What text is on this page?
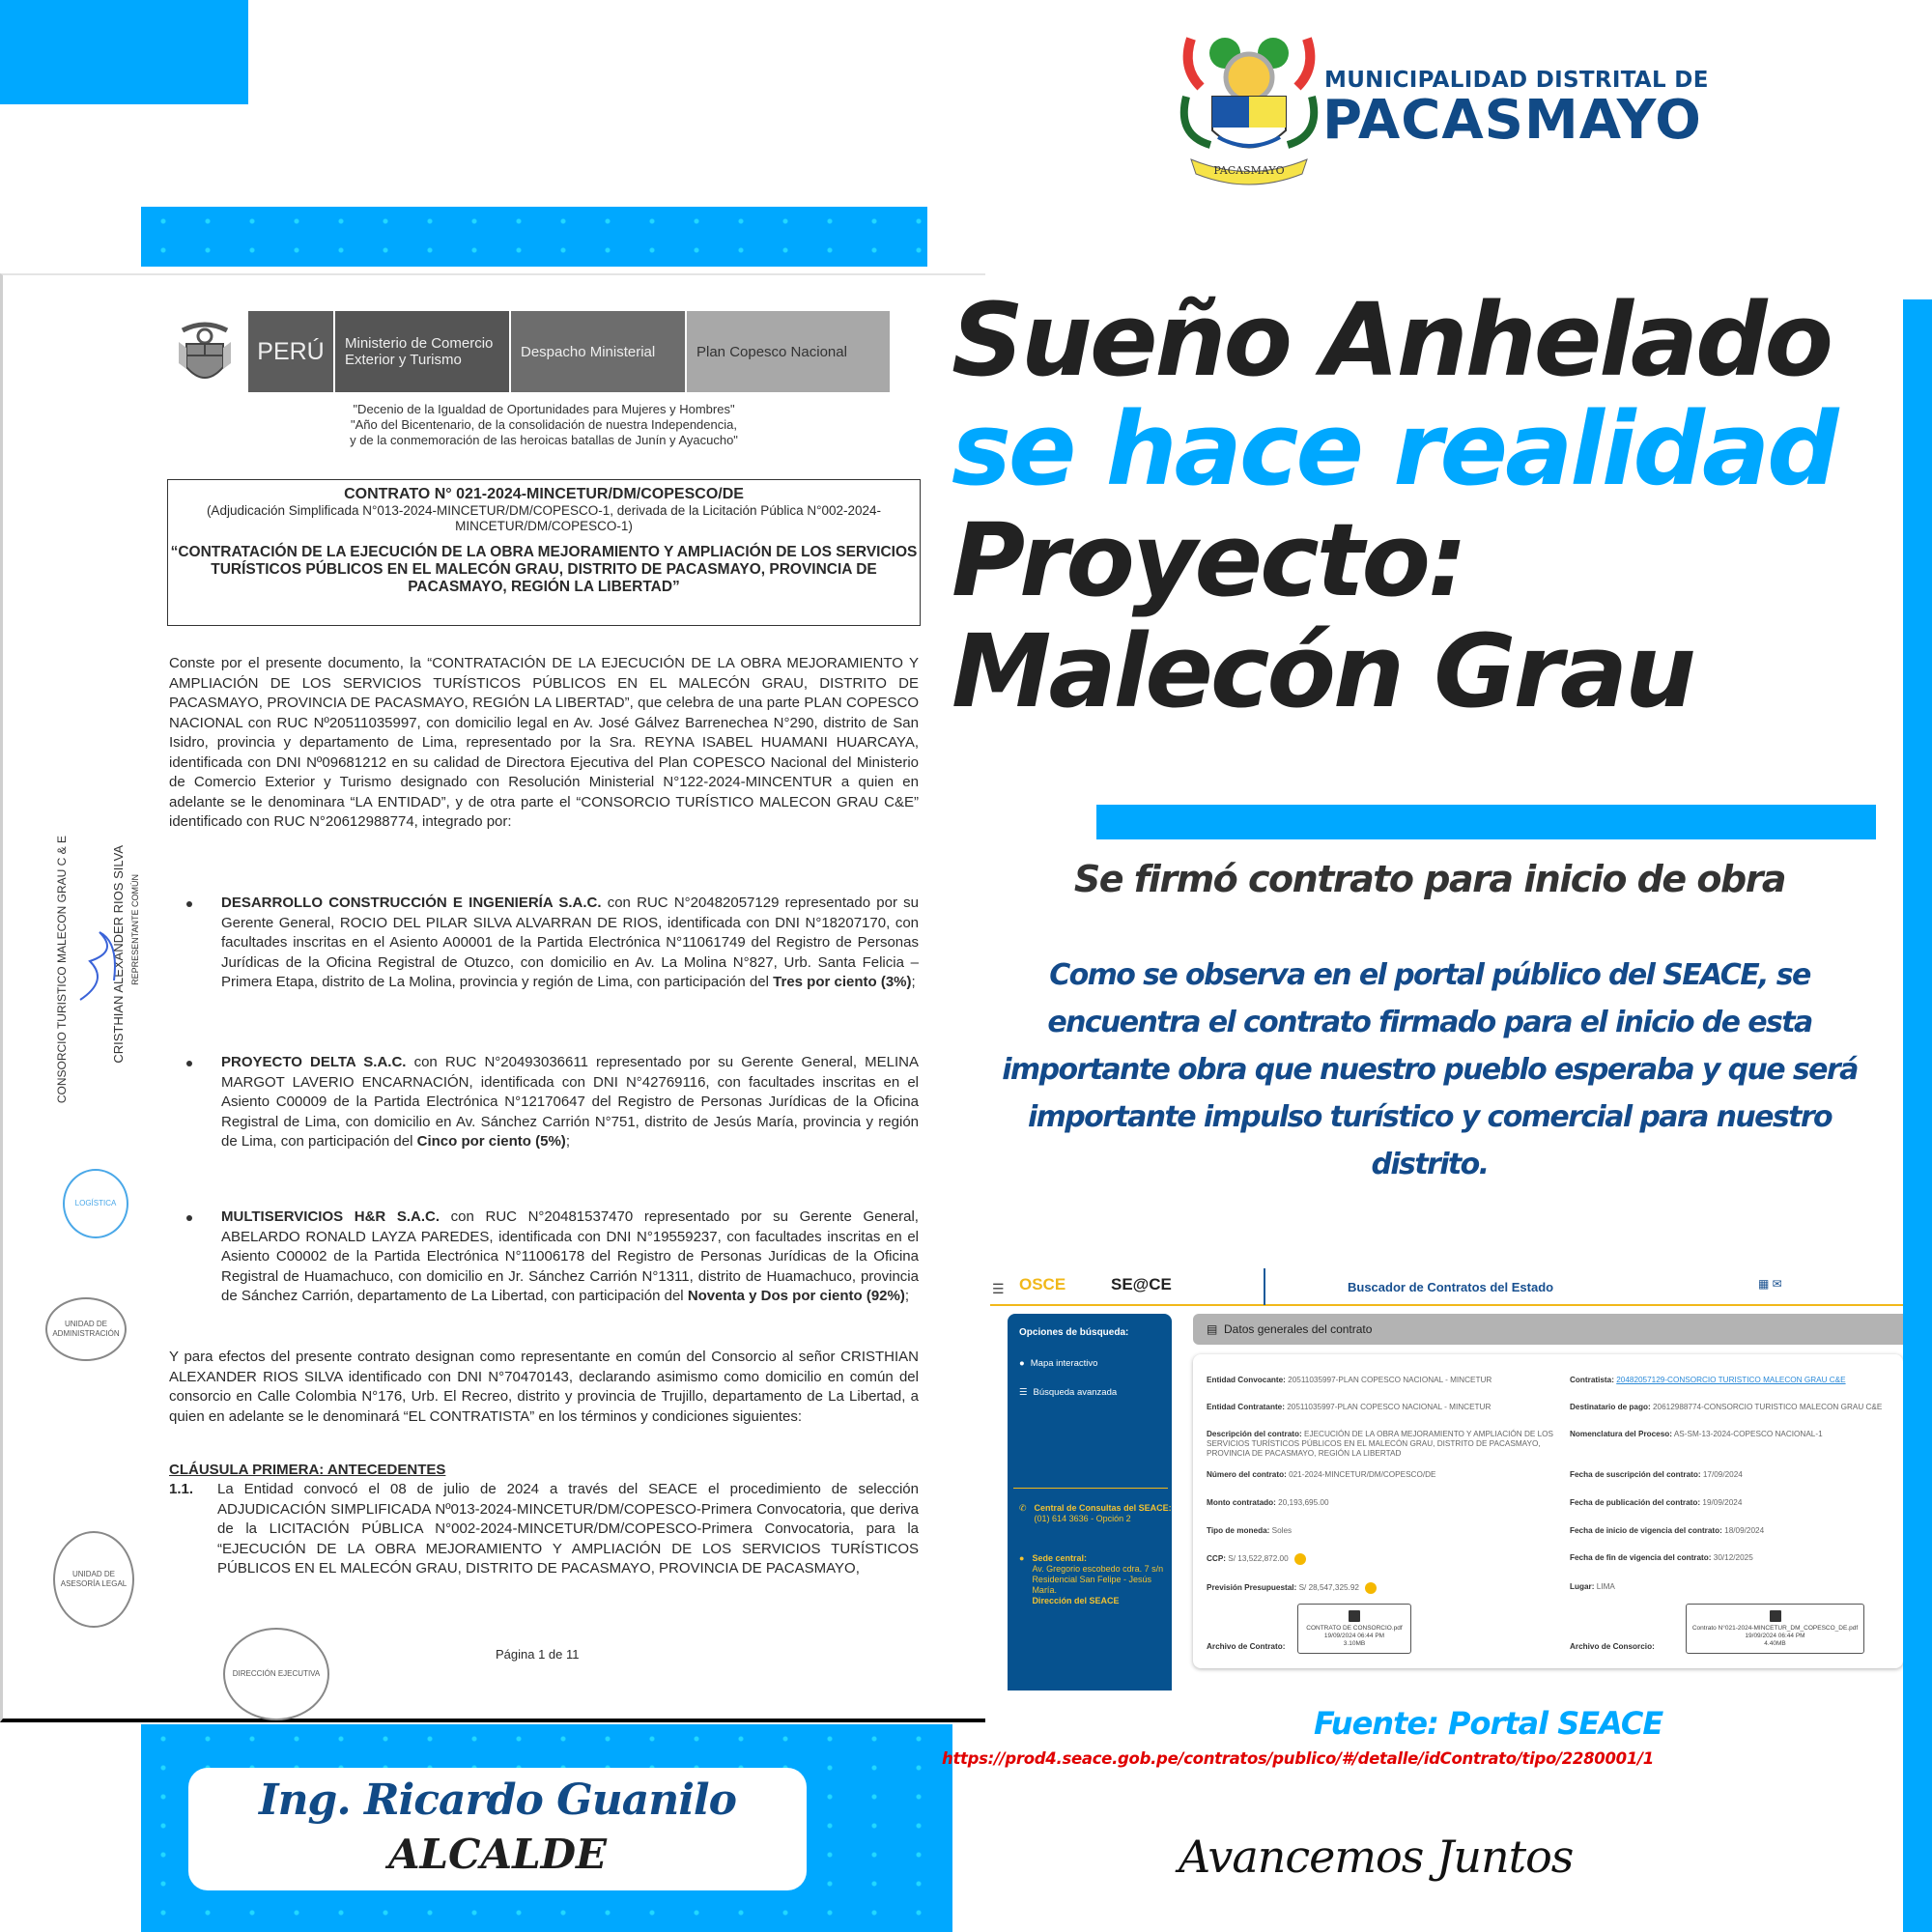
PERÚ	Ministerio de Comercio Exterior y Turismo	Despacho Ministerial	Plan Copesco Nacional
"Decenio de la Igualdad de Oportunidades para Mujeres y Hombres"
"Año del Bicentenario, de la consolidación de nuestra Independencia,
y de la conmemoración de las heroicas batallas de Junín y Ayacucho"
CONTRATO N° 021-2024-MINCETUR/DM/COPESCO/DE
(Adjudicación Simplificada N°013-2024-MINCETUR/DM/COPESCO-1, derivada de la Licitación Pública N°002-2024-MINCETUR/DM/COPESCO-1)
“CONTRATACIÓN DE LA EJECUCIÓN DE LA OBRA MEJORAMIENTO Y AMPLIACIÓN DE LOS SERVICIOS TURÍSTICOS PÚBLICOS EN EL MALECÓN GRAU, DISTRITO DE PACASMAYO, PROVINCIA DE PACASMAYO, REGIÓN LA LIBERTAD”
Conste por el presente documento, la “CONTRATACIÓN DE LA EJECUCIÓN DE LA OBRA MEJORAMIENTO Y AMPLIACIÓN DE LOS SERVICIOS TURÍSTICOS PÚBLICOS EN EL MALECÓN GRAU, DISTRITO DE PACASMAYO, PROVINCIA DE PACASMAYO, REGIÓN LA LIBERTAD”, que celebra de una parte PLAN COPESCO NACIONAL con RUC Nº20511035997, con domicilio legal en Av. José Gálvez Barrenechea N°290, distrito de San Isidro, provincia y departamento de Lima, representado por la Sra. REYNA ISABEL HUAMANI HUARCAYA, identificada con DNI Nº09681212 en su calidad de Directora Ejecutiva del Plan COPESCO Nacional del Ministerio de Comercio Exterior y Turismo designado con Resolución Ministerial N°122-2024-MINCENTUR a quien en adelante se le denominara “LA ENTIDAD”, y de otra parte el “CONSORCIO TURÍSTICO MALECON GRAU C&E” identificado con RUC N°20612988774, integrado por:
DESARROLLO CONSTRUCCIÓN E INGENIERÍA S.A.C. con RUC N°20482057129 representado por su Gerente General, ROCIO DEL PILAR SILVA ALVARRAN DE RIOS, identificada con DNI N°18207170, con facultades inscritas en el Asiento A00001 de la Partida Electrónica N°11061749 del Registro de Personas Jurídicas de la Oficina Registral de Otuzco, con domicilio en Av. La Molina N°827, Urb. Santa Felicia – Primera Etapa, distrito de La Molina, provincia y región de Lima, con participación del Tres por ciento (3%);
PROYECTO DELTA S.A.C. con RUC N°20493036611 representado por su Gerente General, MELINA MARGOT LAVERIO ENCARNACIÓN, identificada con DNI N°42769116, con facultades inscritas en el Asiento C00009 de la Partida Electrónica N°12170647 del Registro de Personas Jurídicas de la Oficina Registral de Lima, con domicilio en Av. Sánchez Carrión N°751, distrito de Jesús María, provincia y región de Lima, con participación del Cinco por ciento (5%);
MULTISERVICIOS H&R S.A.C. con RUC N°20481537470 representado por su Gerente General, ABELARDO RONALD LAYZA PAREDES, identificada con DNI N°19559237, con facultades inscritas en el Asiento C00002 de la Partida Electrónica N°11006178 del Registro de Personas Jurídicas de la Oficina Registral de Huamachuco, con domicilio en Jr. Sánchez Carrión N°1311, distrito de Huamachuco, provincia de Sánchez Carrión, departamento de La Libertad, con participación del Noventa y Dos por ciento (92%);
Y para efectos del presente contrato designan como representante en común del Consorcio al señor CRISTHIAN ALEXANDER RIOS SILVA identificado con DNI N°70470143, declarando asimismo como domicilio en común del consorcio en Calle Colombia N°176, Urb. El Recreo, distrito y provincia de Trujillo, departamento de La Libertad, a quien en adelante se le denominará “EL CONTRATISTA” en los términos y condiciones siguientes:
CLÁUSULA PRIMERA: ANTECEDENTES
1.1. La Entidad convocó el 08 de julio de 2024 a través del SEACE el procedimiento de selección ADJUDICACIÓN SIMPLIFICADA Nº013-2024-MINCETUR/DM/COPESCO-Primera Convocatoria, que deriva de la LICITACIÓN PÚBLICA N°002-2024-MINCETUR/DM/COPESCO-Primera Convocatoria, para la “EJECUCIÓN DE LA OBRA MEJORAMIENTO Y AMPLIACIÓN DE LOS SERVICIOS TURÍSTICOS PÚBLICOS EN EL MALECÓN GRAU, DISTRITO DE PACASMAYO, PROVINCIA DE PACASMAYO,
Página 1 de 11
CONSORCIO TURISTICO MALECON GRAU C & E	CRISTHIAN ALEXANDER RIOS SILVA REPRESENTANTE COMÚN
LOGÍSTICA
UNIDAD DE ADMINISTRACIÓN
UNIDAD DE ASESORÍA LEGAL
DIRECCIÓN EJECUTIVA
PACASMAYO
MUNICIPALIDAD DISTRITAL DE
PACASMAYO
Sueño Anhelado
se hace realidad
Proyecto:
Malecón Grau
Se firmó contrato para inicio de obra
Como se observa en el portal público del SEACE, se encuentra el contrato firmado para el inicio de esta importante obra que nuestro pueblo esperaba y que será importante impulso turístico y comercial para nuestro distrito.
☰ OSCE	SE@CE	Buscador de Contratos del Estado	▦ ✉
Opciones de búsqueda:
● Mapa interactivo
☰ Búsqueda avanzada
✆ Central de Consultas del SEACE:
(01) 614 3636 - Opción 2
● Sede central:
Av. Gregorio escobedo cdra. 7 s/n Residencial San Felipe - Jesús María.
Dirección del SEACE
▤ Datos generales del contrato
Entidad Convocante: 20511035997-PLAN COPESCO NACIONAL - MINCETUR	Contratista: 20482057129-CONSORCIO TURISTICO MALECON GRAU C&E
Entidad Contratante: 20511035997-PLAN COPESCO NACIONAL - MINCETUR	Destinatario de pago: 20612988774-CONSORCIO TURISTICO MALECON GRAU C&E
Descripción del contrato: EJECUCIÓN DE LA OBRA MEJORAMIENTO Y AMPLIACIÓN DE LOS SERVICIOS TURÍSTICOS PÚBLICOS EN EL MALECÓN GRAU, DISTRITO DE PACASMAYO, PROVINCIA DE PACASMAYO, REGIÓN LA LIBERTAD
Nomenclatura del Proceso: AS-SM-13-2024-COPESCO NACIONAL-1
Número del contrato: 021-2024-MINCETUR/DM/COPESCO/DE	Fecha de suscripción del contrato: 17/09/2024
Monto contratado: 20,193,695.00	Fecha de publicación del contrato: 19/09/2024
Tipo de moneda: Soles	Fecha de inicio de vigencia del contrato: 18/09/2024
CCP: S/ 13,522,872.00	Fecha de fin de vigencia del contrato: 30/12/2025
Previsión Presupuestal: S/ 28,547,325.92	Lugar: LIMA
Archivo de Contrato:
CONTRATO DE CONSORCIO.pdf
19/09/2024 06:44 PM
3.10MB	Archivo de Consorcio:
Contrato N°021-2024-MINCETUR_DM_COPESCO_DE.pdf
19/09/2024 06:44 PM
4.40MB
Fuente: Portal SEACE
https://prod4.seace.gob.pe/contratos/publico/#/detalle/idContrato/tipo/2280001/1
Avancemos Juntos
Ing. Ricardo Guanilo
ALCALDE
